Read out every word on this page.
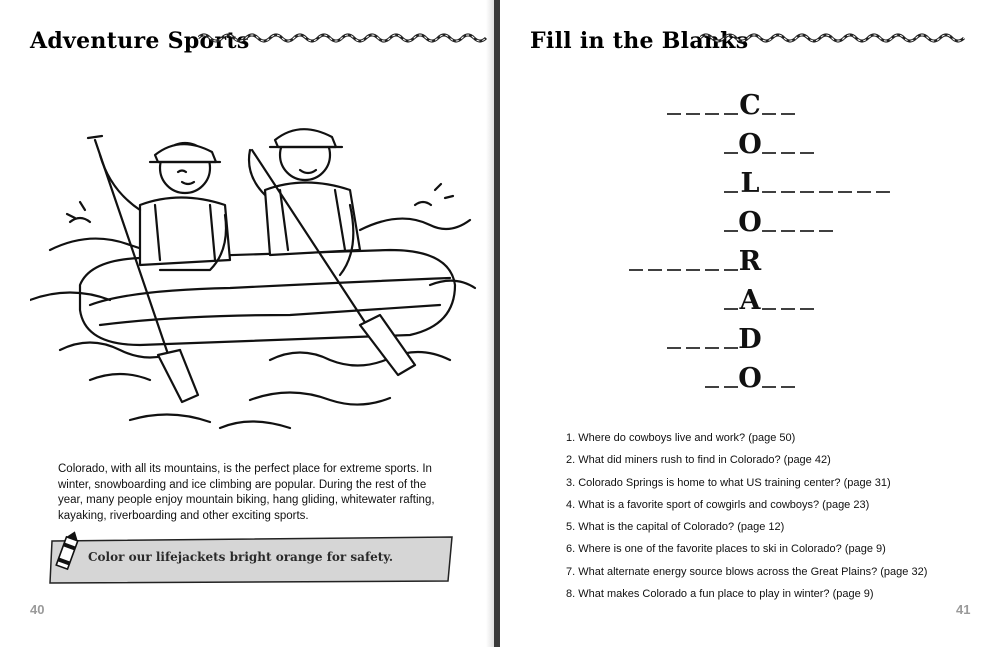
Adventure Sports
Colorado, with all its mountains, is the perfect place for extreme sports. In winter, snowboarding and ice climbing are popular. During the rest of the year, many people enjoy mountain biking, hang gliding, whitewater rafting, kayaking, riverboarding and other exciting sports.
Color our lifejackets bright orange for safety.
40
Fill in the Blanks
C
O
L
O
R
A
D
O
1. Where do cowboys live and work? (page 50)
2. What did miners rush to find in Colorado? (page 42)
3. Colorado Springs is home to what US training center? (page 31)
4. What is a favorite sport of cowgirls and cowboys? (page 23)
5. What is the capital of Colorado? (page 12)
6. Where is one of the favorite places to ski in Colorado? (page 9)
7. What alternate energy source blows across the Great Plains? (page 32)
8. What makes Colorado a fun place to play in winter? (page 9)
41
